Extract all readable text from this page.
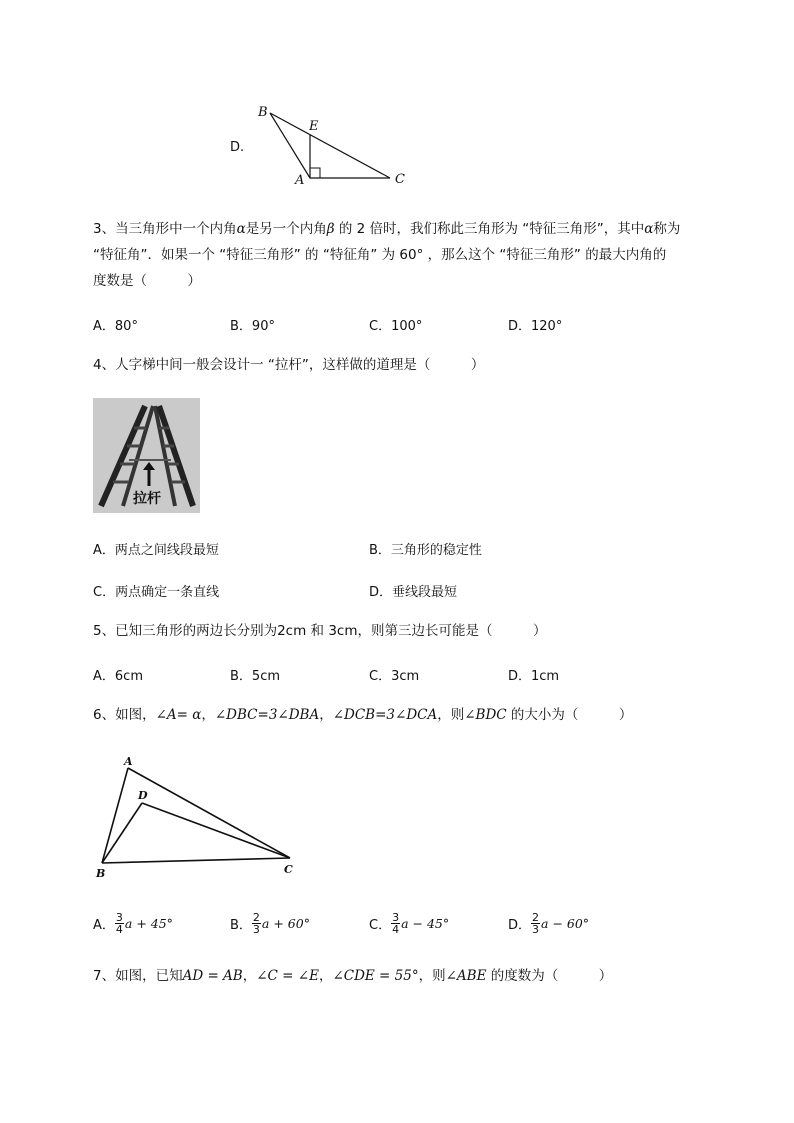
D.
B
E
A	C
3、当三角形中一个内角α是另一个内角β 的 2 倍时，我们称此三角形为 “特征三角形”，其中α称为
“特征角”．如果一个 “特征三角形” 的 “特征角” 为 60° ，那么这个 “特征三角形” 的最大内角的
度数是（　　　）
A．80°	B．90°	C．100°	D．120°
4、人字梯中间一般会设计一 “拉杆”，这样做的道理是（　　　）
拉杆
A．两点之间线段最短	B．三角形的稳定性
C．两点确定一条直线	D．垂线段最短
5、已知三角形的两边长分别为2cm 和 3cm，则第三边长可能是（　　　）
A．6cm	B．5cm	C．3cm	D．1cm
6、如图，∠A= α，∠DBC=3∠DBA，∠DCB=3∠DCA，则∠BDC 的大小为（　　　）
A
D
B	C
A． $\frac{3}{4}$ a + 45°	B． $\frac{2}{3}$ a + 60°	C． $\frac{3}{4}$ a − 45°	D． $\frac{2}{3}$ a − 60°
7、如图，已知AD = AB，∠C = ∠E，∠CDE = 55°，则∠ABE 的度数为（　　　）
